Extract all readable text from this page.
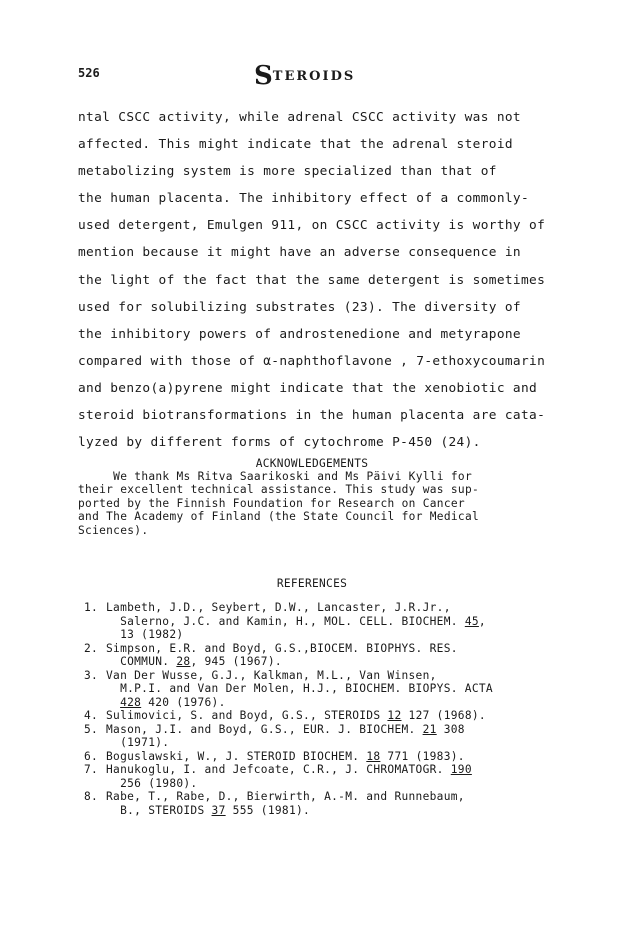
526	STEROIDS
ntal CSCC activity, while adrenal CSCC activity was not
affected. This might indicate that the adrenal steroid
metabolizing system is more specialized than that of
the human placenta. The inhibitory effect of a commonly-
used detergent, Emulgen 911, on CSCC activity is worthy of
mention because it might have an adverse consequence in
the light of the fact that the same detergent is sometimes
used for solubilizing substrates (23). The diversity of
the inhibitory powers of androstenedione and metyrapone
compared with those of α-naphthoflavone , 7-ethoxycoumarin
and benzo(a)pyrene might indicate that the xenobiotic and
steroid biotransformations in the human placenta are cata-
lyzed by different forms of cytochrome P-450 (24).
ACKNOWLEDGEMENTS
We thank Ms Ritva Saarikoski and Ms Päivi Kylli for
their excellent technical assistance. This study was sup-
ported by the Finnish Foundation for Research on Cancer
and The Academy of Finland (the State Council for Medical
Sciences).
REFERENCES
1. Lambeth, J.D., Seybert, D.W., Lancaster, J.R.Jr.,
Salerno, J.C. and Kamin, H., MOL. CELL. BIOCHEM. 45,
13 (1982)
2. Simpson, E.R. and Boyd, G.S.,BIOCEM. BIOPHYS. RES.
COMMUN. 28, 945 (1967).
3. Van Der Wusse, G.J., Kalkman, M.L., Van Winsen,
M.P.I. and Van Der Molen, H.J., BIOCHEM. BIOPYS. ACTA
428 420 (1976).
4. Sulimovici, S. and Boyd, G.S., STEROIDS 12 127 (1968).
5. Mason, J.I. and Boyd, G.S., EUR. J. BIOCHEM. 21 308
(1971).
6. Boguslawski, W., J. STEROID BIOCHEM. 18 771 (1983).
7. Hanukoglu, I. and Jefcoate, C.R., J. CHROMATOGR. 190
256 (1980).
8. Rabe, T., Rabe, D., Bierwirth, A.-M. and Runnebaum,
B., STEROIDS 37 555 (1981).
